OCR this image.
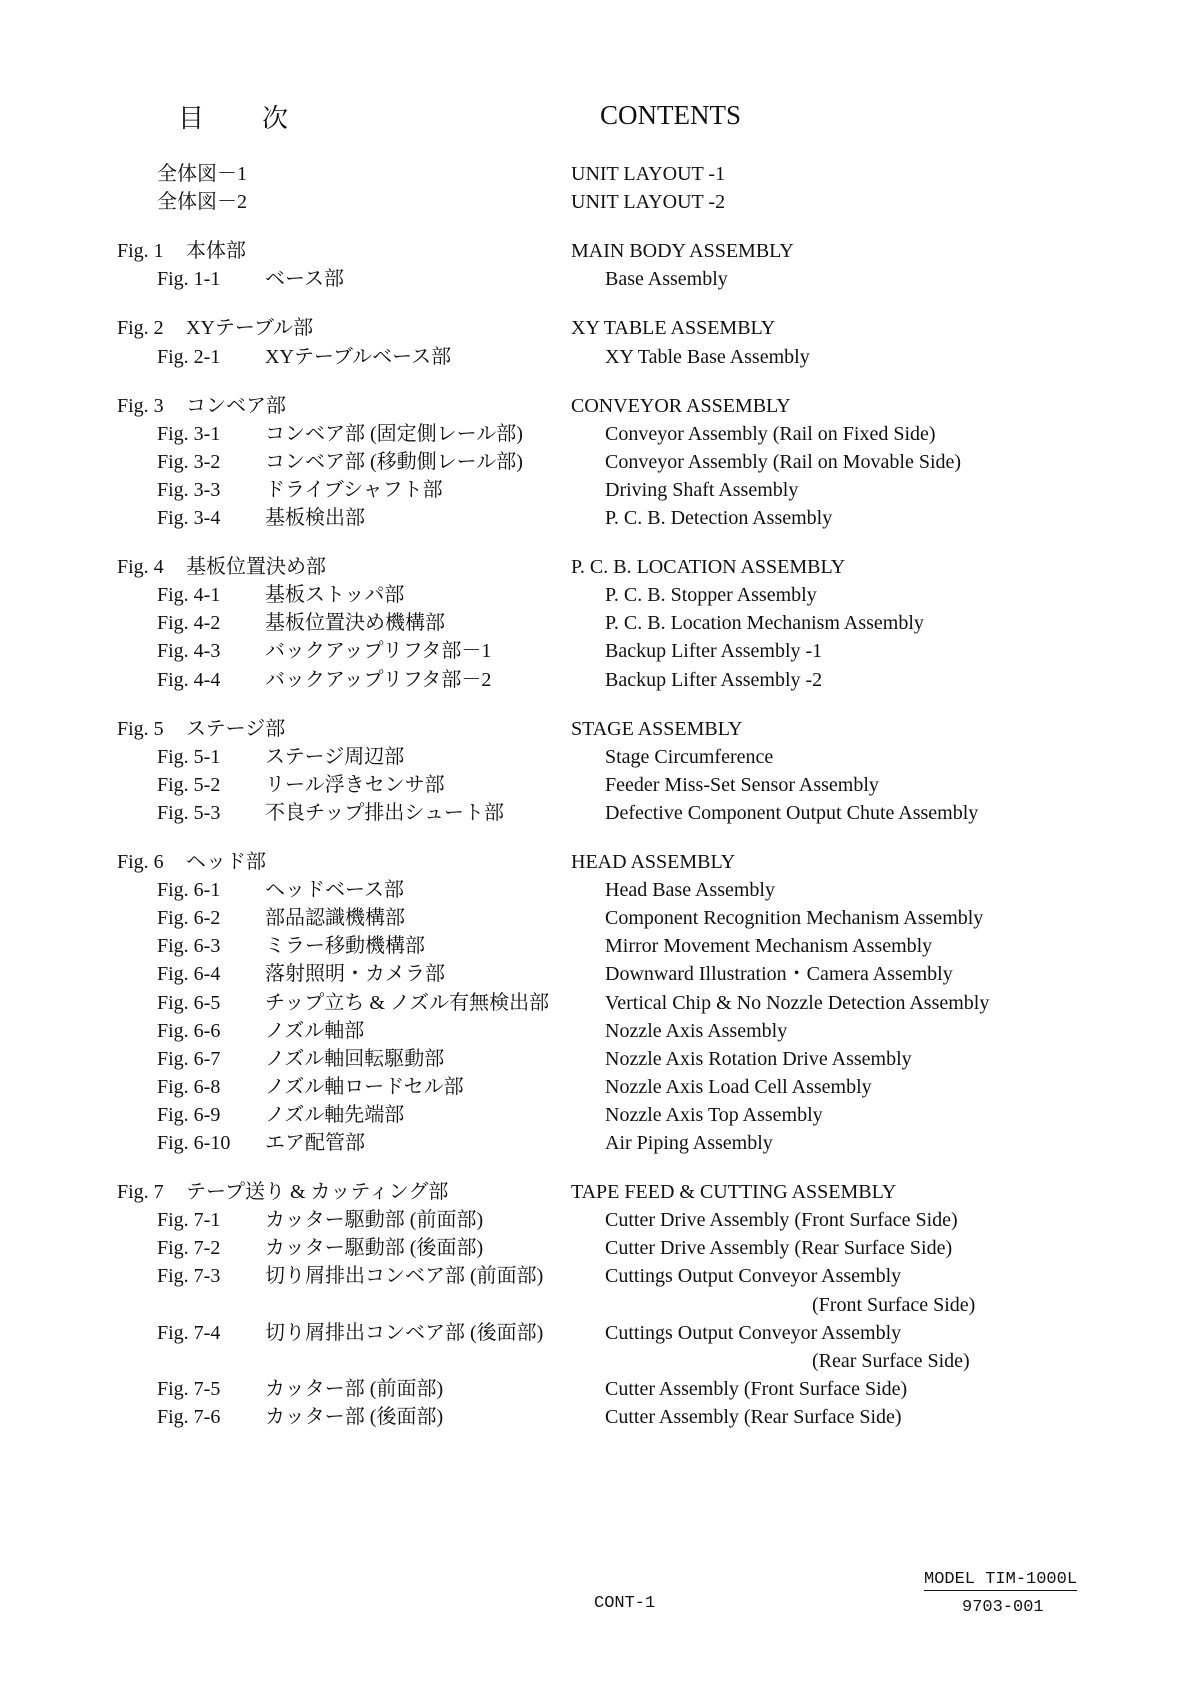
目 次	CONTENTS
全体図－1	UNIT LAYOUT -1
全体図－2	UNIT LAYOUT -2
Fig. 1 本体部	MAIN BODY ASSEMBLY
Fig. 1-1 ベース部	Base Assembly
Fig. 2 XYテーブル部	XY TABLE ASSEMBLY
Fig. 2-1 XYテーブルベース部	XY Table Base Assembly
Fig. 3 コンベア部	CONVEYOR ASSEMBLY
Fig. 3-1 コンベア部 (固定側レール部)	Conveyor Assembly (Rail on Fixed Side)
Fig. 3-2 コンベア部 (移動側レール部)	Conveyor Assembly (Rail on Movable Side)
Fig. 3-3 ドライブシャフト部	Driving Shaft Assembly
Fig. 3-4 基板検出部	P. C. B. Detection Assembly
Fig. 4 基板位置決め部	P. C. B. LOCATION ASSEMBLY
Fig. 4-1 基板ストッパ部	P. C. B. Stopper Assembly
Fig. 4-2 基板位置決め機構部	P. C. B. Location Mechanism Assembly
Fig. 4-3 バックアップリフタ部－1	Backup Lifter Assembly -1
Fig. 4-4 バックアップリフタ部－2	Backup Lifter Assembly -2
Fig. 5 ステージ部	STAGE ASSEMBLY
Fig. 5-1 ステージ周辺部	Stage Circumference
Fig. 5-2 リール浮きセンサ部	Feeder Miss-Set Sensor Assembly
Fig. 5-3 不良チップ排出シュート部	Defective Component Output Chute Assembly
Fig. 6 ヘッド部	HEAD ASSEMBLY
Fig. 6-1 ヘッドベース部	Head Base Assembly
Fig. 6-2 部品認識機構部	Component Recognition Mechanism Assembly
Fig. 6-3 ミラー移動機構部	Mirror Movement Mechanism Assembly
Fig. 6-4 落射照明・カメラ部	Downward Illustration・Camera Assembly
Fig. 6-5 チップ立ち & ノズル有無検出部	Vertical Chip & No Nozzle Detection Assembly
Fig. 6-6 ノズル軸部	Nozzle Axis Assembly
Fig. 6-7 ノズル軸回転駆動部	Nozzle Axis Rotation Drive Assembly
Fig. 6-8 ノズル軸ロードセル部	Nozzle Axis Load Cell Assembly
Fig. 6-9 ノズル軸先端部	Nozzle Axis Top Assembly
Fig. 6-10 エア配管部	Air Piping Assembly
Fig. 7 テープ送り & カッティング部	TAPE FEED & CUTTING ASSEMBLY
Fig. 7-1 カッター駆動部 (前面部)	Cutter Drive Assembly (Front Surface Side)
Fig. 7-2 カッター駆動部 (後面部)	Cutter Drive Assembly (Rear Surface Side)
Fig. 7-3 切り屑排出コンベア部 (前面部)	Cuttings Output Conveyor Assembly
(Front Surface Side)
Fig. 7-4 切り屑排出コンベア部 (後面部)	Cuttings Output Conveyor Assembly
(Rear Surface Side)
Fig. 7-5 カッター部 (前面部)	Cutter Assembly (Front Surface Side)
Fig. 7-6 カッター部 (後面部)	Cutter Assembly (Rear Surface Side)
CONT-1
MODEL TIM-1000L
9703-001
